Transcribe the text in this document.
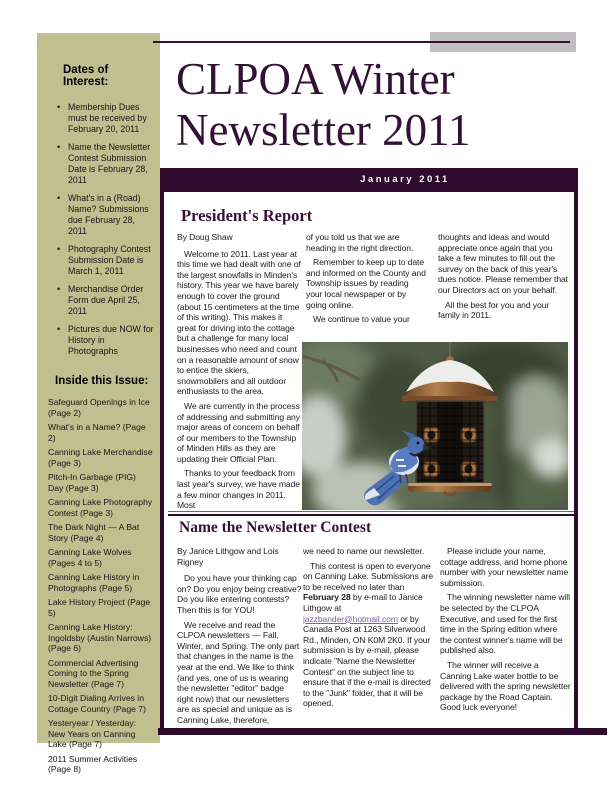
Dates of Interest:
• Membership Dues must be received by February 20, 2011
• Name the Newsletter Contest Submission Date is February 28, 2011
• What's in a (Road) Name? Submissions due February 28, 2011
• Photography Contest Submission Date is March 1, 2011
• Merchandise Order Form due April 25, 2011
• Pictures due NOW for History in Photographs
Inside this Issue:
Safeguard Openings in Ice (Page 2)
What's in a Name? (Page 2)
Canning Lake Merchandise (Page 3)
Pitch-In Garbage (PIG) Day (Page 3)
Canning Lake Photography Contest (Page 3)
The Dark Night — A Bat Story (Page 4)
Canning Lake Wolves (Pages 4 to 5)
Canning Lake History in Photographs (Page 5)
Lake History Project (Page 5)
Canning Lake History: Ingoldsby (Austin Narrows) (Page 6)
Commercial Advertising Coming to the Spring Newsletter (Page 7)
10-Digit Dialing Arrives in Cottage Country (Page 7)
Yesteryear / Yesterday: New Years on Canning Lake (Page 7)
2011 Summer Activities (Page 8)
CLPOA Winter
Newsletter 2011
January 2011
President's Report

By Doug Shaw

Welcome to 2011. Last year at this time we had dealt with one of the largest snowfalls in Minden's history. This year we have barely enough to cover the ground (about 15 centimeters at the time of this writing). This makes it great for driving into the cottage but a challenge for many local businesses who need and count on a reasonable amount of snow to entice the skiers, snowmobilers and all outdoor enthusiasts to the area.

We are currently in the process of addressing and submitting any major areas of concern on behalf of our members to the Township of Minden Hills as they are updating their Official Plan.

Thanks to your feedback from last year's survey, we have made a few minor changes in 2011. Most

of you told us that we are heading in the right direction.

Remember to keep up to date and informed on the County and Township issues by reading your local newspaper or by going online.

We continue to value your

thoughts and ideas and would appreciate once again that you take a few minutes to fill out the survey on the back of this year's dues notice. Please remember that our Directors act on your behalf.

All the best for you and your family in 2011.

Name the Newsletter Contest

By Janice Lithgow and Lois Rigney

Do you have your thinking cap on? Do you enjoy being creative? Do you like entering contests? Then this is for YOU!

We receive and read the CLPOA newsletters — Fall, Winter, and Spring. The only part that changes in the name is the year at the end. We like to think (and yes, one of us is wearing the newsletter "editor" badge right now) that our newsletters are as special and unique as is Canning Lake, therefore,

we need to name our newsletter.

This contest is open to everyone on Canning Lake. Submissions are to be received no later than February 28 by e-mail to Janice Lithgow at jazzbander@hotmail.com or by Canada Post at 1263 Silverwood Rd., Minden, ON K0M 2K0. If your submission is by e-mail, please indicate "Name the Newsletter Contest" on the subject line to ensure that if the e-mail is directed to the "Junk" folder, that it will be opened.

Please include your name, cottage address, and home phone number with your newsletter name submission.

The winning newsletter name will be selected by the CLPOA Executive, and used for the first time in the Spring edition where the contest winner's name will be published also.

The winner will receive a Canning Lake water bottle to be delivered with the spring newsletter package by the Road Captain. Good luck everyone!
